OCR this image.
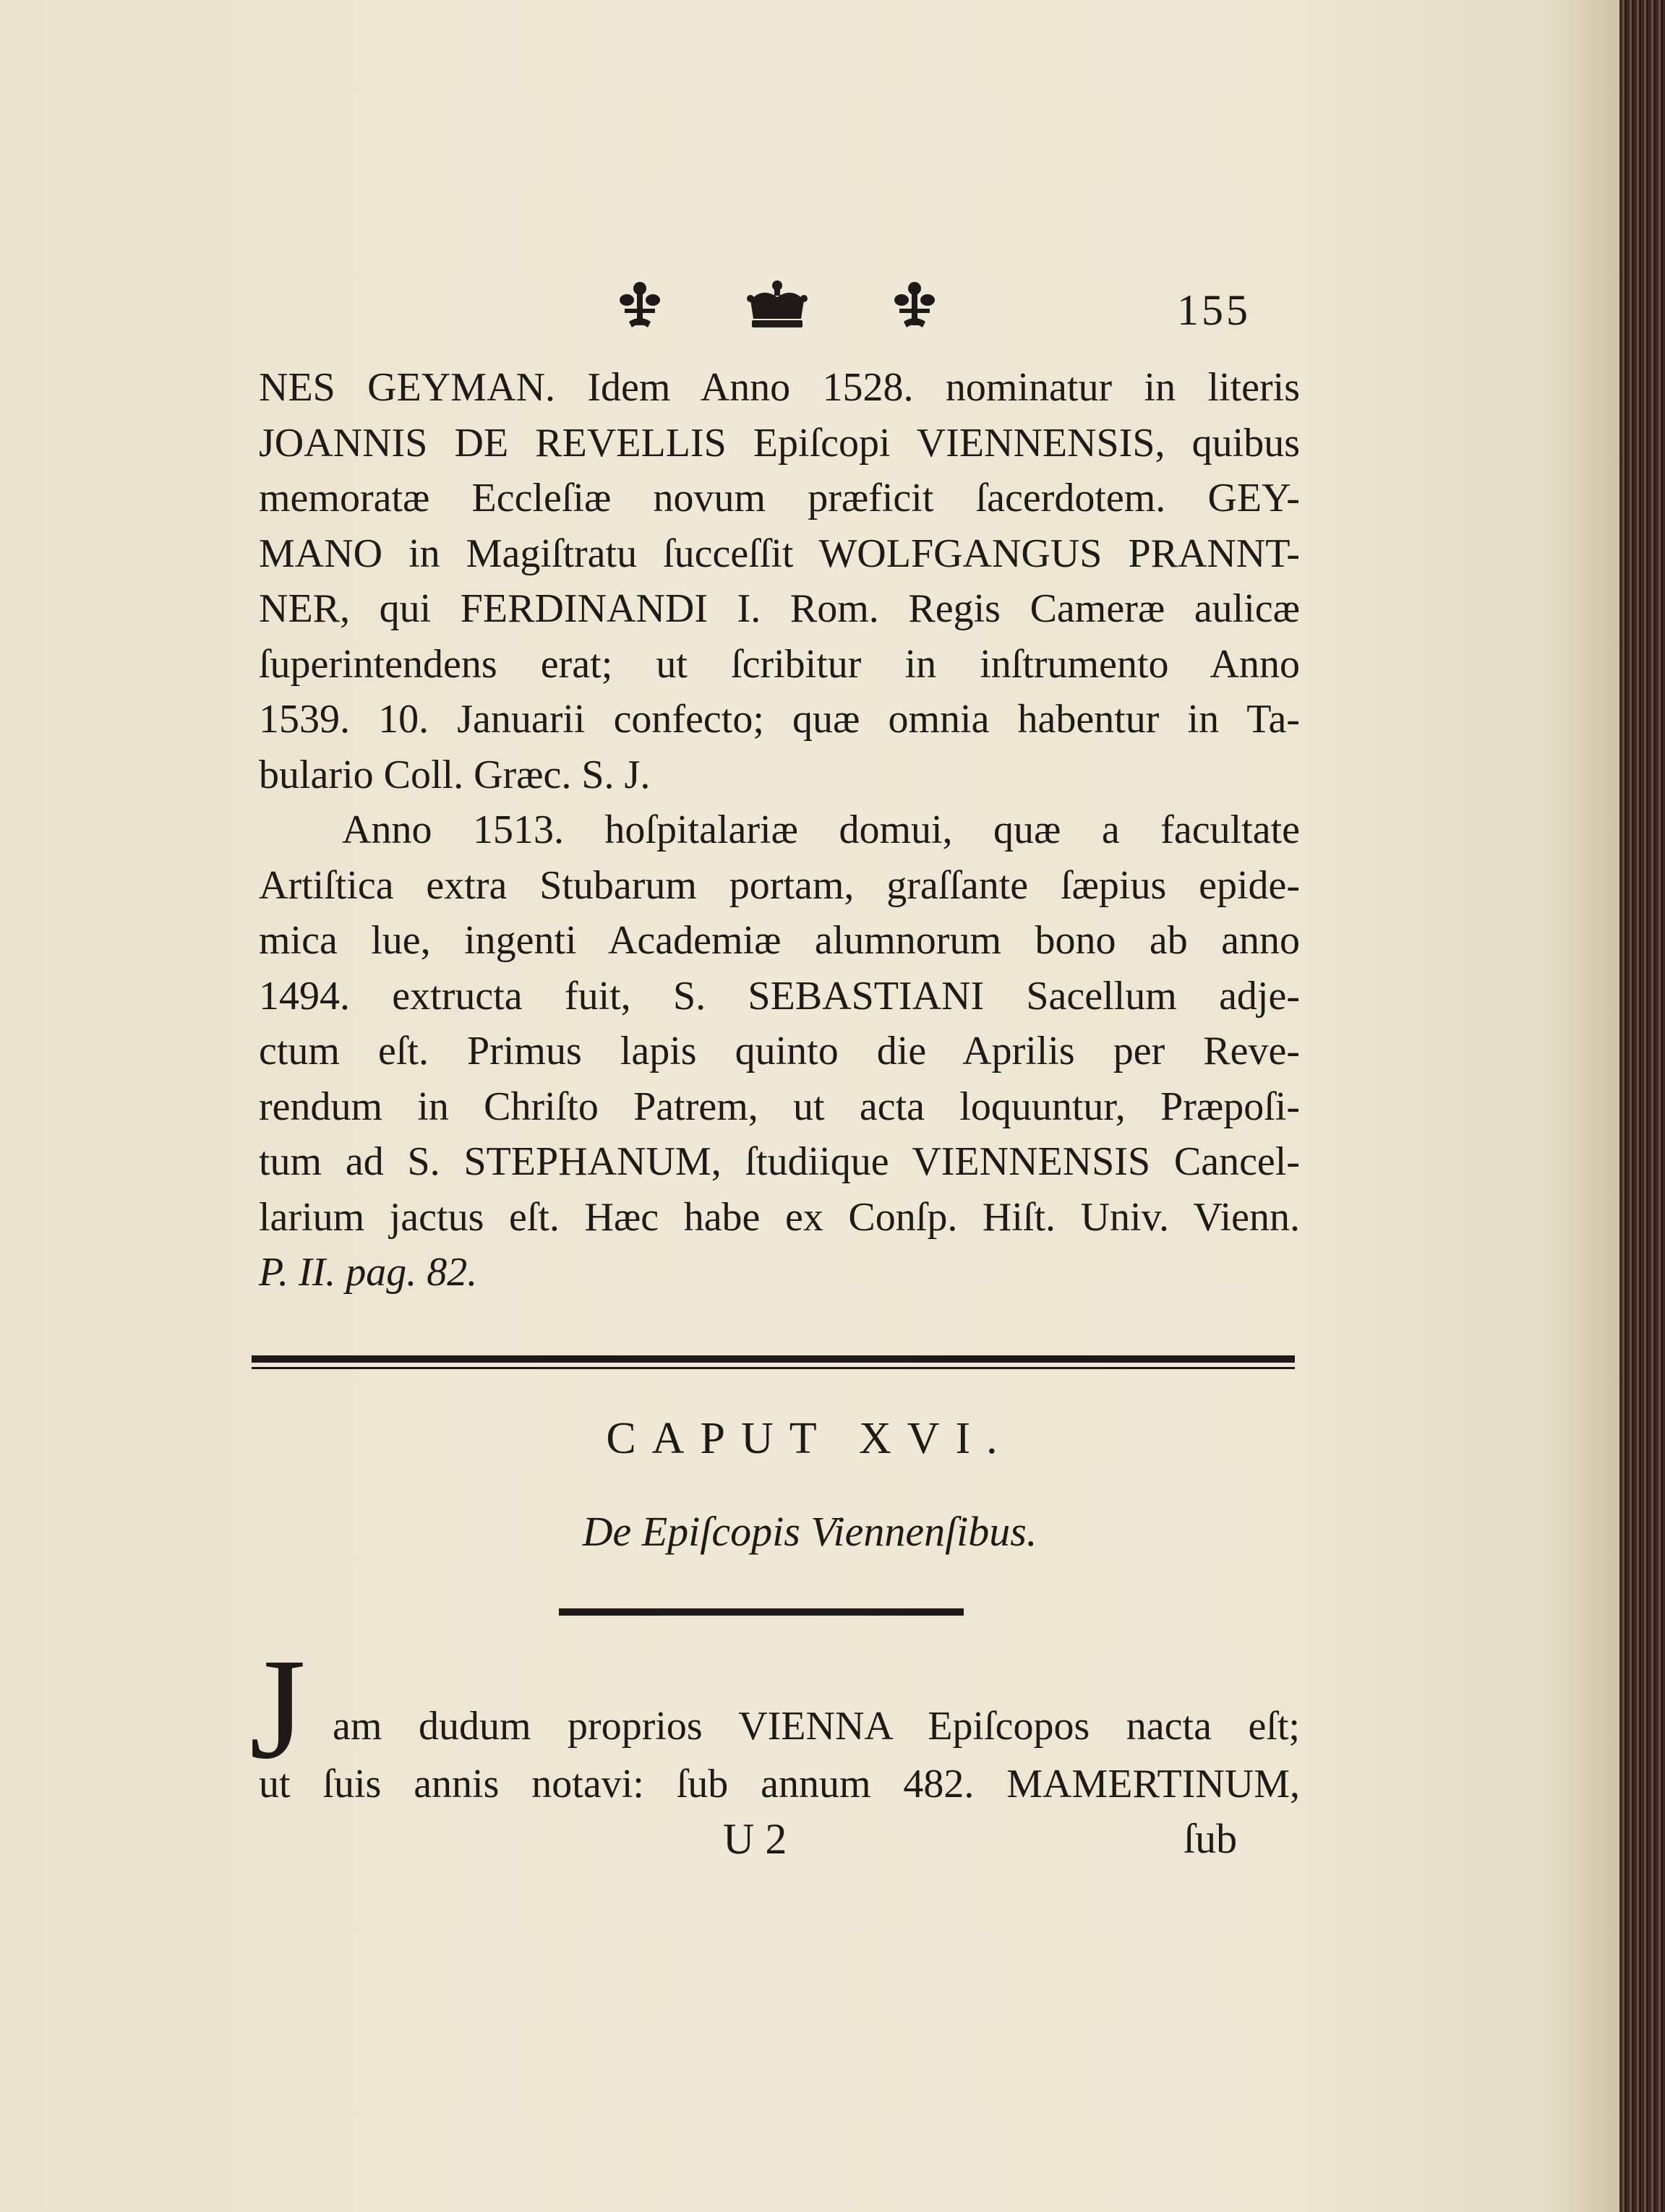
155
NES GEYMAN. Idem Anno 1528. nominatur in literis
JOANNIS DE REVELLIS Epiſcopi VIENNENSIS, quibus
memoratæ Eccleſiæ novum præficit ſacerdotem. GEY-
MANO in Magiſtratu ſucceſſit WOLFGANGUS PRANNT-
NER, qui FERDINANDI I. Rom. Regis Cameræ aulicæ
ſuperintendens erat; ut ſcribitur in inſtrumento Anno
1539. 10. Januarii confecto; quæ omnia habentur in Ta-
bulario Coll. Græc. S. J.
Anno 1513. hoſpitalariæ domui, quæ a facultate
Artiſtica extra Stubarum portam, graſſante ſæpius epide-
mica lue, ingenti Academiæ alumnorum bono ab anno
1494. extructa fuit, S. SEBASTIANI Sacellum adje-
ctum eſt. Primus lapis quinto die Aprilis per Reve-
rendum in Chriſto Patrem, ut acta loquuntur, Præpoſi-
tum ad S. STEPHANUM, ſtudiique VIENNENSIS Cancel-
larium jactus eſt. Hæc habe ex Conſp. Hiſt. Univ. Vienn.
P. II. pag. 82.
CAPUT XVI.
De Epiſcopis Viennenſibus.
J am dudum proprios VIENNA Epiſcopos nacta eſt;
ut ſuis annis notavi: ſub annum 482. MAMERTINUM,
U 2	ſub
